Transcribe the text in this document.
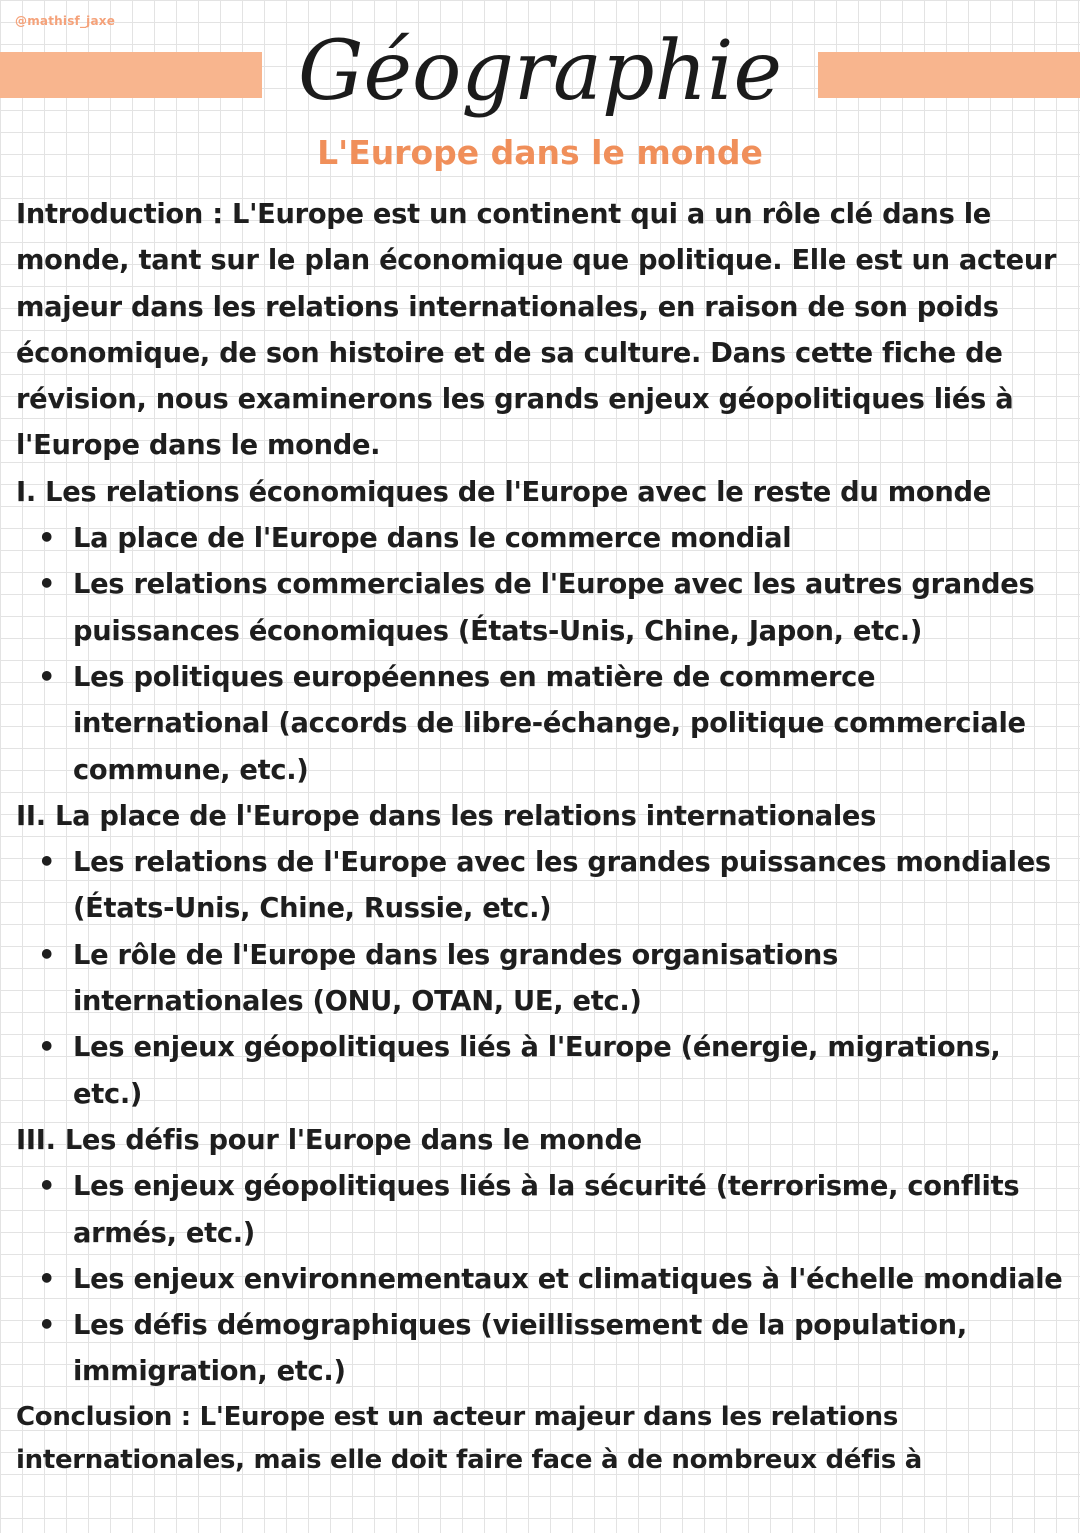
@mathisf_jaxe
Géographie
L'Europe dans le monde

Introduction : L'Europe est un continent qui a un rôle clé dans le monde, tant sur le plan économique que politique. Elle est un acteur majeur dans les relations internationales, en raison de son poids économique, de son histoire et de sa culture. Dans cette fiche de révision, nous examinerons les grands enjeux géopolitiques liés à l'Europe dans le monde.

I. Les relations économiques de l'Europe avec le reste du monde

• La place de l'Europe dans le commerce mondial
• Les relations commerciales de l'Europe avec les autres grandes puissances économiques (États-Unis, Chine, Japon, etc.)
• Les politiques européennes en matière de commerce international (accords de libre-échange, politique commerciale commune, etc.)

II. La place de l'Europe dans les relations internationales

• Les relations de l'Europe avec les grandes puissances mondiales (États-Unis, Chine, Russie, etc.)
• Le rôle de l'Europe dans les grandes organisations internationales (ONU, OTAN, UE, etc.)
• Les enjeux géopolitiques liés à l'Europe (énergie, migrations, etc.)

III. Les défis pour l'Europe dans le monde

• Les enjeux géopolitiques liés à la sécurité (terrorisme, conflits armés, etc.)
• Les enjeux environnementaux et climatiques à l'échelle mondiale
• Les défis démographiques (vieillissement de la population, immigration, etc.)

Conclusion : L'Europe est un acteur majeur dans les relations internationales, mais elle doit faire face à de nombreux défis à
